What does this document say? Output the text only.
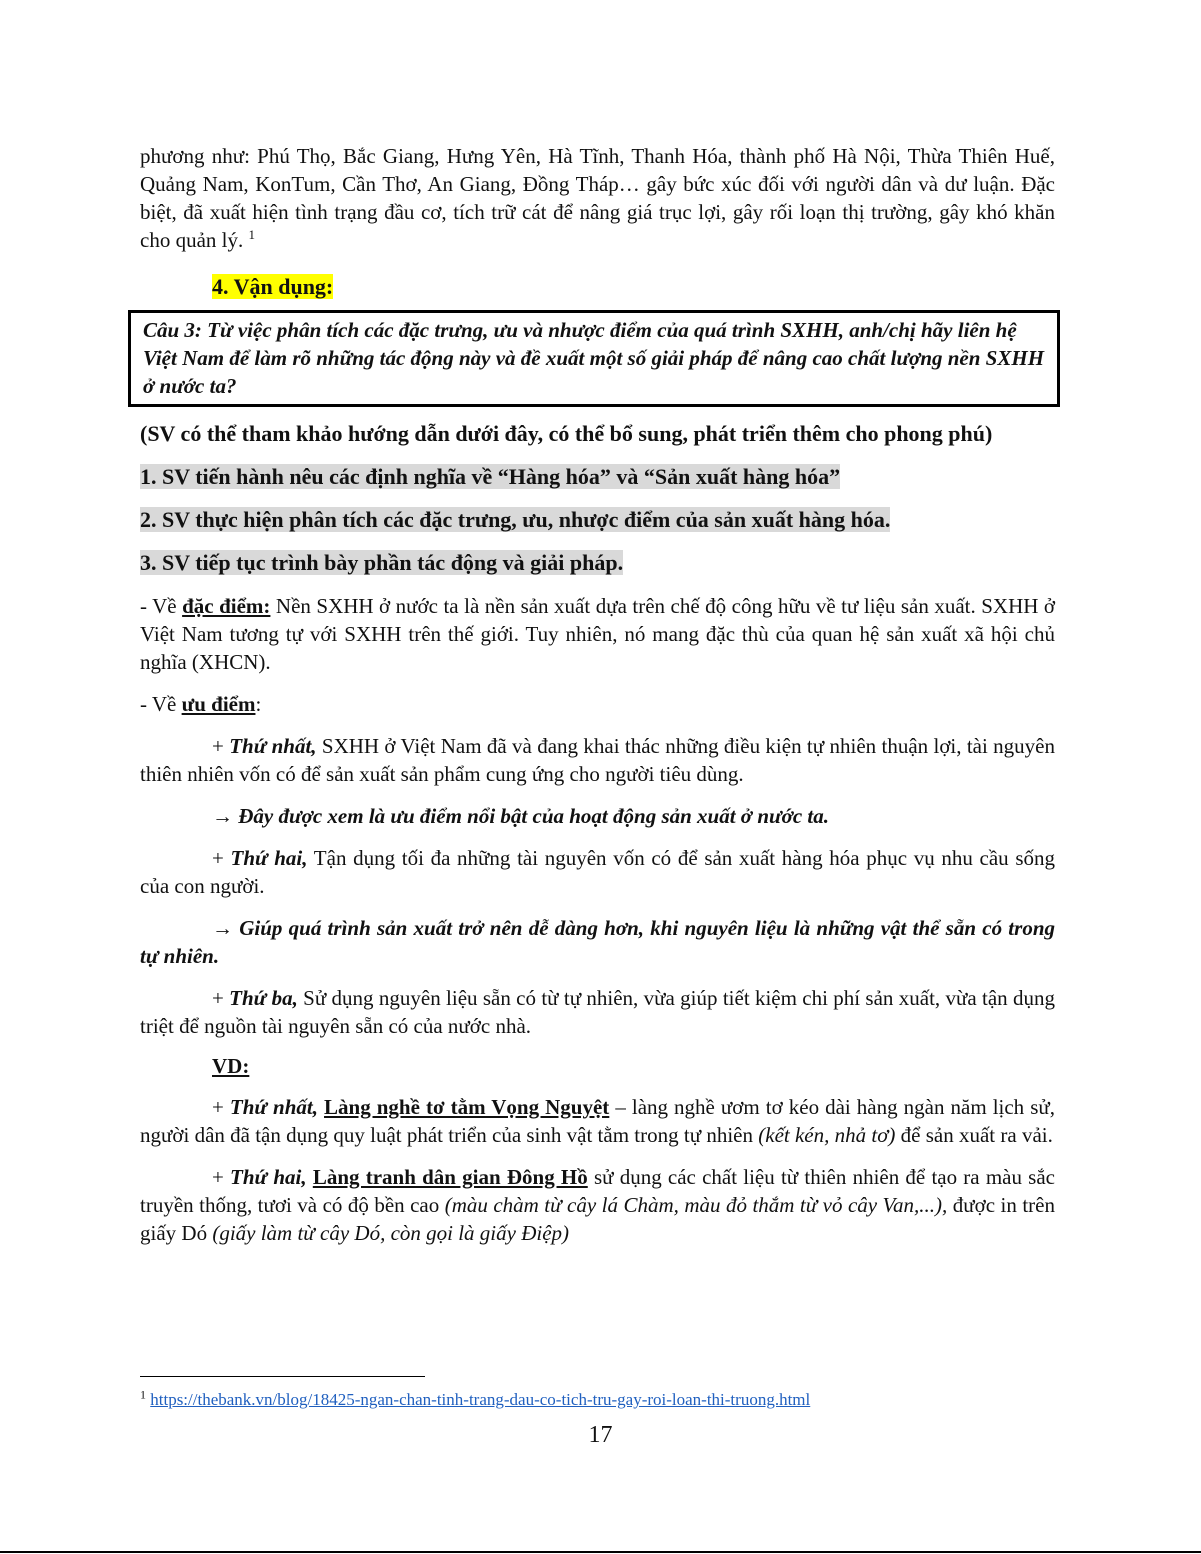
phương như: Phú Thọ, Bắc Giang, Hưng Yên, Hà Tĩnh, Thanh Hóa, thành phố Hà Nội, Thừa Thiên Huế, Quảng Nam, KonTum, Cần Thơ, An Giang, Đồng Tháp… gây bức xúc đối với người dân và dư luận. Đặc biệt, đã xuất hiện tình trạng đầu cơ, tích trữ cát để nâng giá trục lợi, gây rối loạn thị trường, gây khó khăn cho quản lý. $^1$

4. Vận dụng:
Câu 3: Từ việc phân tích các đặc trưng, ưu và nhược điểm của quá trình SXHH, anh/chị hãy liên hệ Việt Nam để làm rõ những tác động này và đề xuất một số giải pháp để nâng cao chất lượng nền SXHH ở nước ta?
(SV có thể tham khảo hướng dẫn dưới đây, có thể bổ sung, phát triển thêm cho phong phú)
1. SV tiến hành nêu các định nghĩa về “Hàng hóa” và “Sản xuất hàng hóa”
2. SV thực hiện phân tích các đặc trưng, ưu, nhược điểm của sản xuất hàng hóa.
3. SV tiếp tục trình bày phần tác động và giải pháp.

- Về đặc điểm: Nền SXHH ở nước ta là nền sản xuất dựa trên chế độ công hữu về tư liệu sản xuất. SXHH ở Việt Nam tương tự với SXHH trên thế giới. Tuy nhiên, nó mang đặc thù của quan hệ sản xuất xã hội chủ nghĩa (XHCN).

- Về ưu điểm:

+ Thứ nhất, SXHH ở Việt Nam đã và đang khai thác những điều kiện tự nhiên thuận lợi, tài nguyên thiên nhiên vốn có để sản xuất sản phẩm cung ứng cho người tiêu dùng.

→ Đây được xem là ưu điểm nổi bật của hoạt động sản xuất ở nước ta.

+ Thứ hai, Tận dụng tối đa những tài nguyên vốn có để sản xuất hàng hóa phục vụ nhu cầu sống của con người.

→ Giúp quá trình sản xuất trở nên dễ dàng hơn, khi nguyên liệu là những vật thể sẵn có trong tự nhiên.

+ Thứ ba, Sử dụng nguyên liệu sẵn có từ tự nhiên, vừa giúp tiết kiệm chi phí sản xuất, vừa tận dụng triệt để nguồn tài nguyên sẵn có của nước nhà.

VD:

+ Thứ nhất, Làng nghề tơ tằm Vọng Nguyệt – làng nghề ươm tơ kéo dài hàng ngàn năm lịch sử, người dân đã tận dụng quy luật phát triển của sinh vật tằm trong tự nhiên (kết kén, nhả tơ) để sản xuất ra vải.

+ Thứ hai, Làng tranh dân gian Đông Hồ sử dụng các chất liệu từ thiên nhiên để tạo ra màu sắc truyền thống, tươi và có độ bền cao (màu chàm từ cây lá Chàm, màu đỏ thắm từ vỏ cây Van,...), được in trên giấy Dó (giấy làm từ cây Dó, còn gọi là giấy Điệp)

$^1$ https://thebank.vn/blog/18425-ngan-chan-tinh-trang-dau-co-tich-tru-gay-roi-loan-thi-truong.html
17
